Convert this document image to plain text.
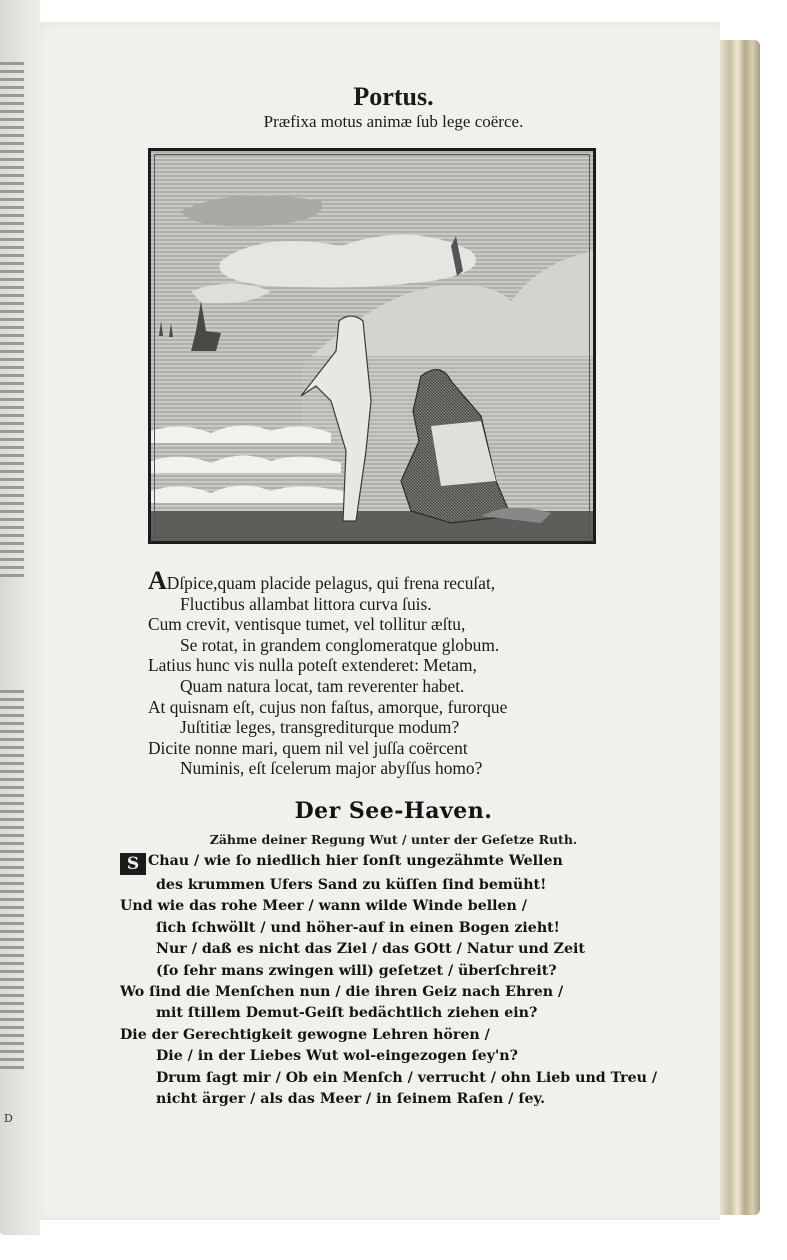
D
Portus.
Præfixa motus animæ ſub lege coërce.
ADſpice,quam placide pelagus, qui frena recuſat,
Fluctibus allambat littora curva ſuis.
Cum crevit, ventisque tumet, vel tollitur æſtu,
Se rotat, in grandem conglomeratque globum.
Latius hunc vis nulla poteſt extenderet: Metam,
Quam natura locat, tam reverenter habet.
At quisnam eſt, cujus non faſtus, amorque, furorque
Juſtitiæ leges, transgrediturque modum?
Dicite nonne mari, quem nil vel juſſa coërcent
Numinis, eſt ſcelerum major abyſſus homo?
Der See-Haven.
Zähme deiner Regung Wut / unter der Geſetze Ruth.
S Chau / wie ſo niedlich hier ſonſt ungezähmte Wellen
des krummen Ufers Sand zu küſſen ſind bemüht!
Und wie das rohe Meer / wann wilde Winde bellen /
ſich ſchwöllt / und höher-auf in einen Bogen zieht!
Nur / daß es nicht das Ziel / das GOtt / Natur und Zeit
(ſo ſehr mans zwingen will) geſetzet / überſchreit?
Wo ſind die Menſchen nun / die ihren Geiz nach Ehren /
mit ſtillem Demut-Geiſt bedächtlich ziehen ein?
Die der Gerechtigkeit gewogne Lehren hören /
Die / in der Liebes Wut wol-eingezogen ſey'n?
Drum ſagt mir / Ob ein Menſch / verrucht / ohn Lieb und Treu /
nicht ärger / als das Meer / in ſeinem Raſen / ſey.
